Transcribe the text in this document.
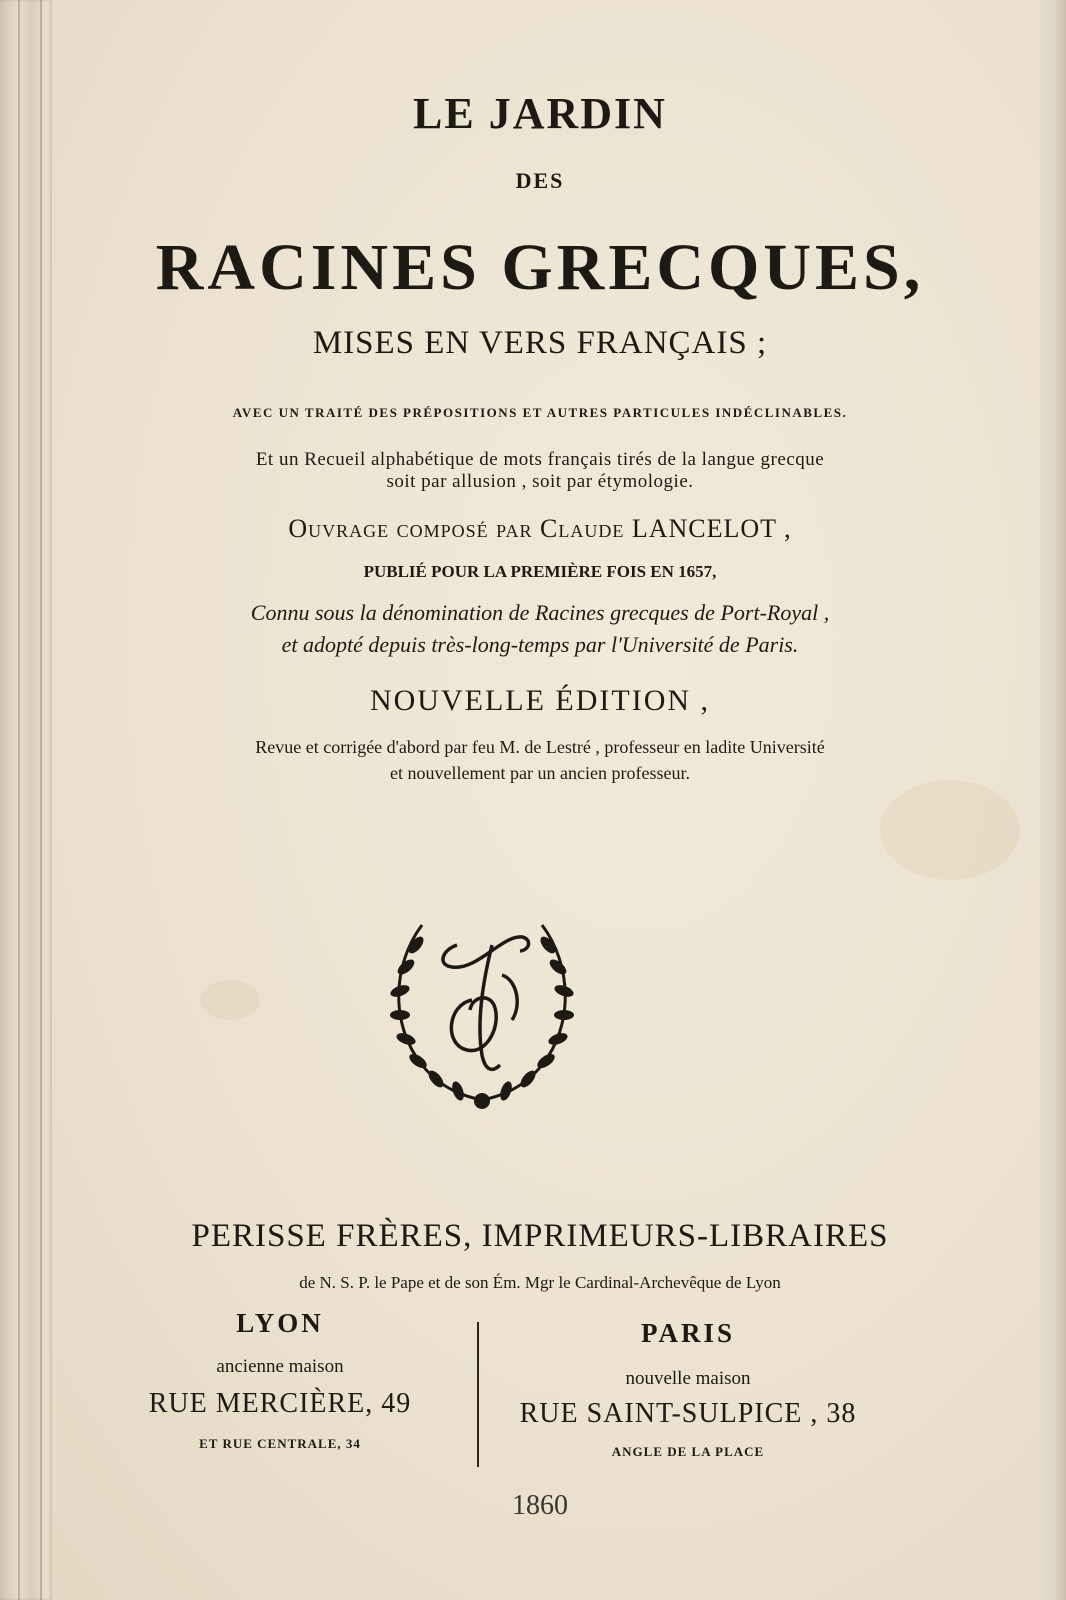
LE JARDIN
DES
RACINES GRECQUES,
MISES EN VERS FRANÇAIS ;
AVEC UN TRAITÉ DES PRÉPOSITIONS ET AUTRES PARTICULES INDÉCLINABLES.
Et un Recueil alphabétique de mots français tirés de la langue grecque
soit par allusion , soit par étymologie.
Ouvrage composé par Claude LANCELOT ,
PUBLIÉ POUR LA PREMIÈRE FOIS EN 1657,
Connu sous la dénomination de Racines grecques de Port-Royal ,
et adopté depuis très-long-temps par l'Université de Paris.
NOUVELLE ÉDITION ,
Revue et corrigée d'abord par feu M. de Lestré , professeur en ladite Université
et nouvellement par un ancien professeur.
PERISSE FRÈRES, IMPRIMEURS-LIBRAIRES
de N. S. P. le Pape et de son Ém. Mgr le Cardinal-Archevêque de Lyon
LYON
ancienne maison
RUE MERCIÈRE, 49
ET RUE CENTRALE, 34
PARIS
nouvelle maison
RUE SAINT-SULPICE , 38
ANGLE DE LA PLACE
1860
